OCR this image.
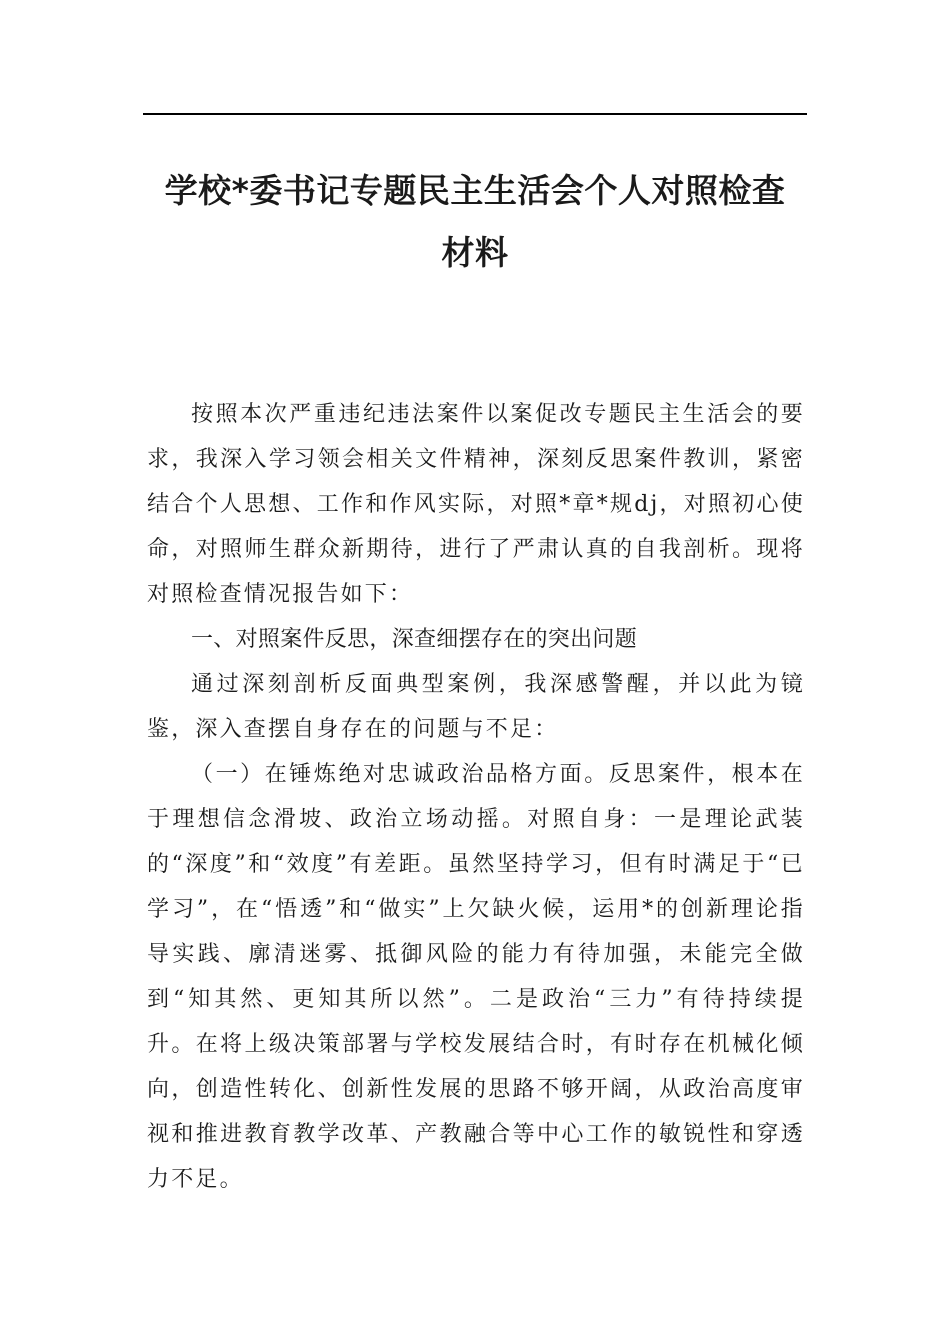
学校*委书记专题民主生活会个人对照检查
材料

按照本次严重违纪违法案件以案促改专题民主生活会的要求，我深入学习领会相关文件精神，深刻反思案件教训，紧密结合个人思想、工作和作风实际，对照*章*规dj，对照初心使命，对照师生群众新期待，进行了严肃认真的自我剖析。现将对照检查情况报告如下：

一、对照案件反思，深查细摆存在的突出问题

通过深刻剖析反面典型案例，我深感警醒，并以此为镜鉴，深入查摆自身存在的问题与不足：

（一）在锤炼绝对忠诚政治品格方面。反思案件，根本在于理想信念滑坡、政治立场动摇。对照自身：一是理论武装的“深度”和“效度”有差距。虽然坚持学习，但有时满足于“已学习”，在“悟透”和“做实”上欠缺火候，运用*的创新理论指导实践、廓清迷雾、抵御风险的能力有待加强，未能完全做到“知其然、更知其所以然”。二是政治“三力”有待持续提升。在将上级决策部署与学校发展结合时，有时存在机械化倾向，创造性转化、创新性发展的思路不够开阔，从政治高度审视和推进教育教学改革、产教融合等中心工作的敏锐性和穿透力不足。
